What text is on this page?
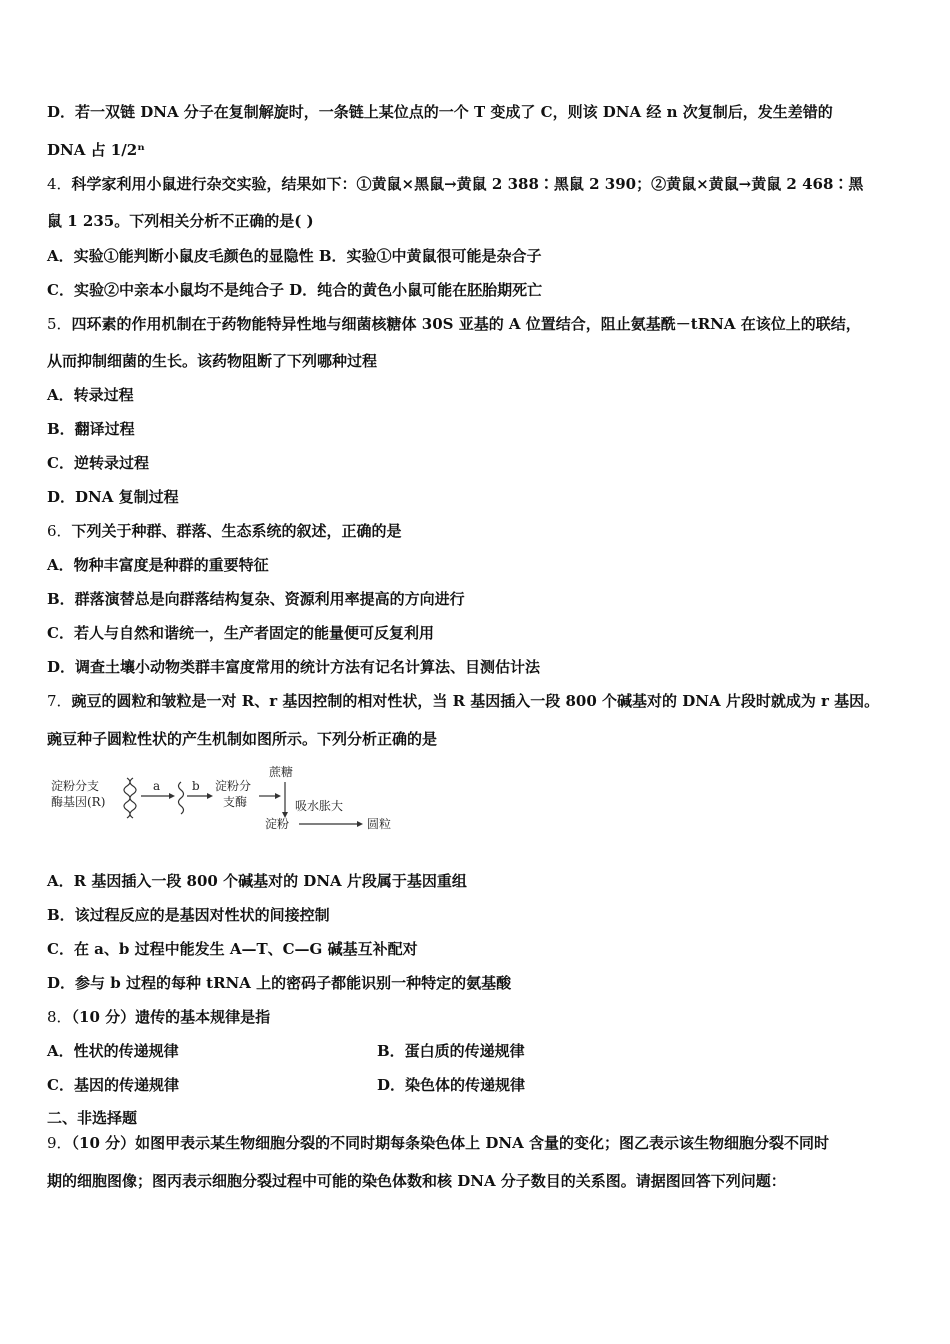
D．若一双链 DNA 分子在复制解旋时，一条链上某位点的一个 T 变成了 C，则该 DNA 经 n 次复制后，发生差错的
DNA 占 1/2ⁿ
4．科学家利用小鼠进行杂交实验，结果如下：①黄鼠×黑鼠→黄鼠 2 388∶黑鼠 2 390；②黄鼠×黄鼠→黄鼠 2 468∶黑
鼠 1 235。下列相关分析不正确的是( )
A．实验①能判断小鼠皮毛颜色的显隐性 B．实验①中黄鼠很可能是杂合子
C．实验②中亲本小鼠均不是纯合子 D．纯合的黄色小鼠可能在胚胎期死亡
5．四环素的作用机制在于药物能特异性地与细菌核糖体 30S 亚基的 A 位置结合，阻止氨基酰－tRNA 在该位上的联结，
从而抑制细菌的生长。该药物阻断了下列哪种过程
A．转录过程
B．翻译过程
C．逆转录过程
D．DNA 复制过程
6．下列关于种群、群落、生态系统的叙述，正确的是
A．物种丰富度是种群的重要特征
B．群落演替总是向群落结构复杂、资源利用率提高的方向进行
C．若人与自然和谐统一，生产者固定的能量便可反复利用
D．调查土壤小动物类群丰富度常用的统计方法有记名计算法、目测估计法
7．豌豆的圆粒和皱粒是一对 R、r 基因控制的相对性状，当 R 基因插入一段 800 个碱基对的 DNA 片段时就成为 r 基因。
豌豆种子圆粒性状的产生机制如图所示。下列分析正确的是
淀粉分支
酶基因(R)
a	b 淀粉分
支酶
蔗糖
吸水胀大
淀粉	圆粒
A．R 基因插入一段 800 个碱基对的 DNA 片段属于基因重组
B．该过程反应的是基因对性状的间接控制
C．在 a、b 过程中能发生 A—T、C—G 碱基互补配对
D．参与 b 过程的每种 tRNA 上的密码子都能识别一种特定的氨基酸
8．（10 分）遗传的基本规律是指
A．性状的传递规律	B．蛋白质的传递规律
C．基因的传递规律	D．染色体的传递规律
二、非选择题
9．（10 分）如图甲表示某生物细胞分裂的不同时期每条染色体上 DNA 含量的变化；图乙表示该生物细胞分裂不同时
期的细胞图像；图丙表示细胞分裂过程中可能的染色体数和核 DNA 分子数目的关系图。请据图回答下列问题：
